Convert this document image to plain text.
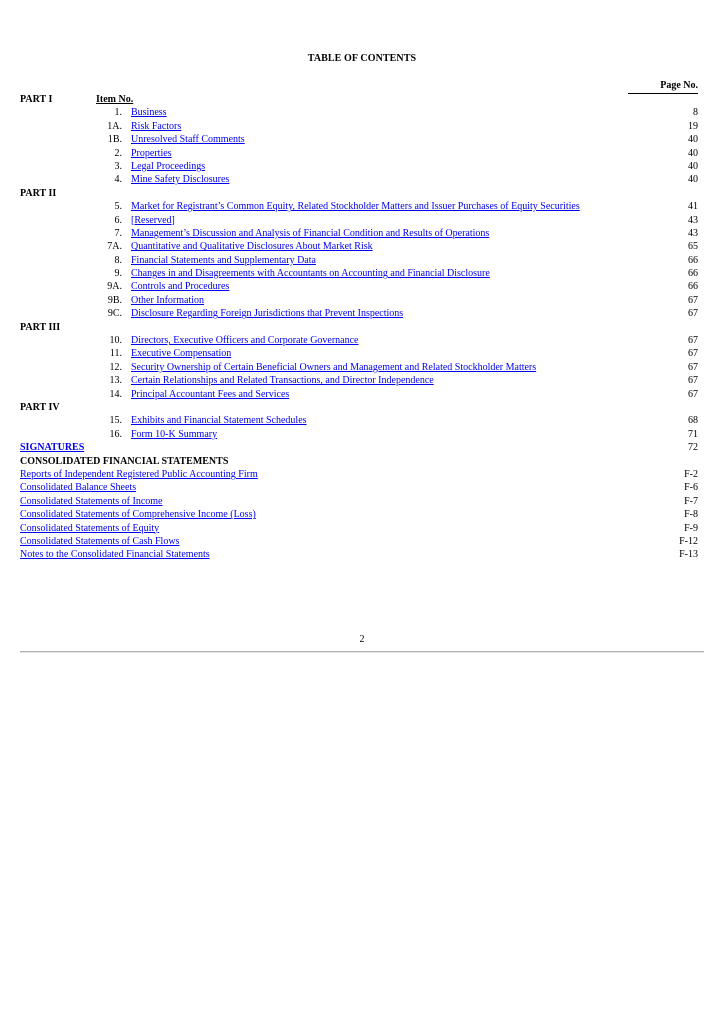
TABLE OF CONTENTS
Page No.
PART I	Item No.
1. Business	8
1A. Risk Factors	19
1B. Unresolved Staff Comments	40
2. Properties	40
3. Legal Proceedings	40
4. Mine Safety Disclosures	40
PART II
5. Market for Registrant’s Common Equity, Related Stockholder Matters and Issuer Purchases of Equity Securities	41
6. [Reserved]	43
7. Management’s Discussion and Analysis of Financial Condition and Results of Operations	43
7A. Quantitative and Qualitative Disclosures About Market Risk	65
8. Financial Statements and Supplementary Data	66
9. Changes in and Disagreements with Accountants on Accounting and Financial Disclosure	66
9A. Controls and Procedures	66
9B. Other Information	67
9C. Disclosure Regarding Foreign Jurisdictions that Prevent Inspections	67
PART III
10. Directors, Executive Officers and Corporate Governance	67
11. Executive Compensation	67
12. Security Ownership of Certain Beneficial Owners and Management and Related Stockholder Matters	67
13. Certain Relationships and Related Transactions, and Director Independence	67
14. Principal Accountant Fees and Services	67
PART IV
15. Exhibits and Financial Statement Schedules	68
16. Form 10-K Summary	71
SIGNATURES	72
CONSOLIDATED FINANCIAL STATEMENTS
Reports of Independent Registered Public Accounting Firm	F-2
Consolidated Balance Sheets	F-6
Consolidated Statements of Income	F-7
Consolidated Statements of Comprehensive Income (Loss)	F-8
Consolidated Statements of Equity	F-9
Consolidated Statements of Cash Flows	F-12
Notes to the Consolidated Financial Statements	F-13
2
